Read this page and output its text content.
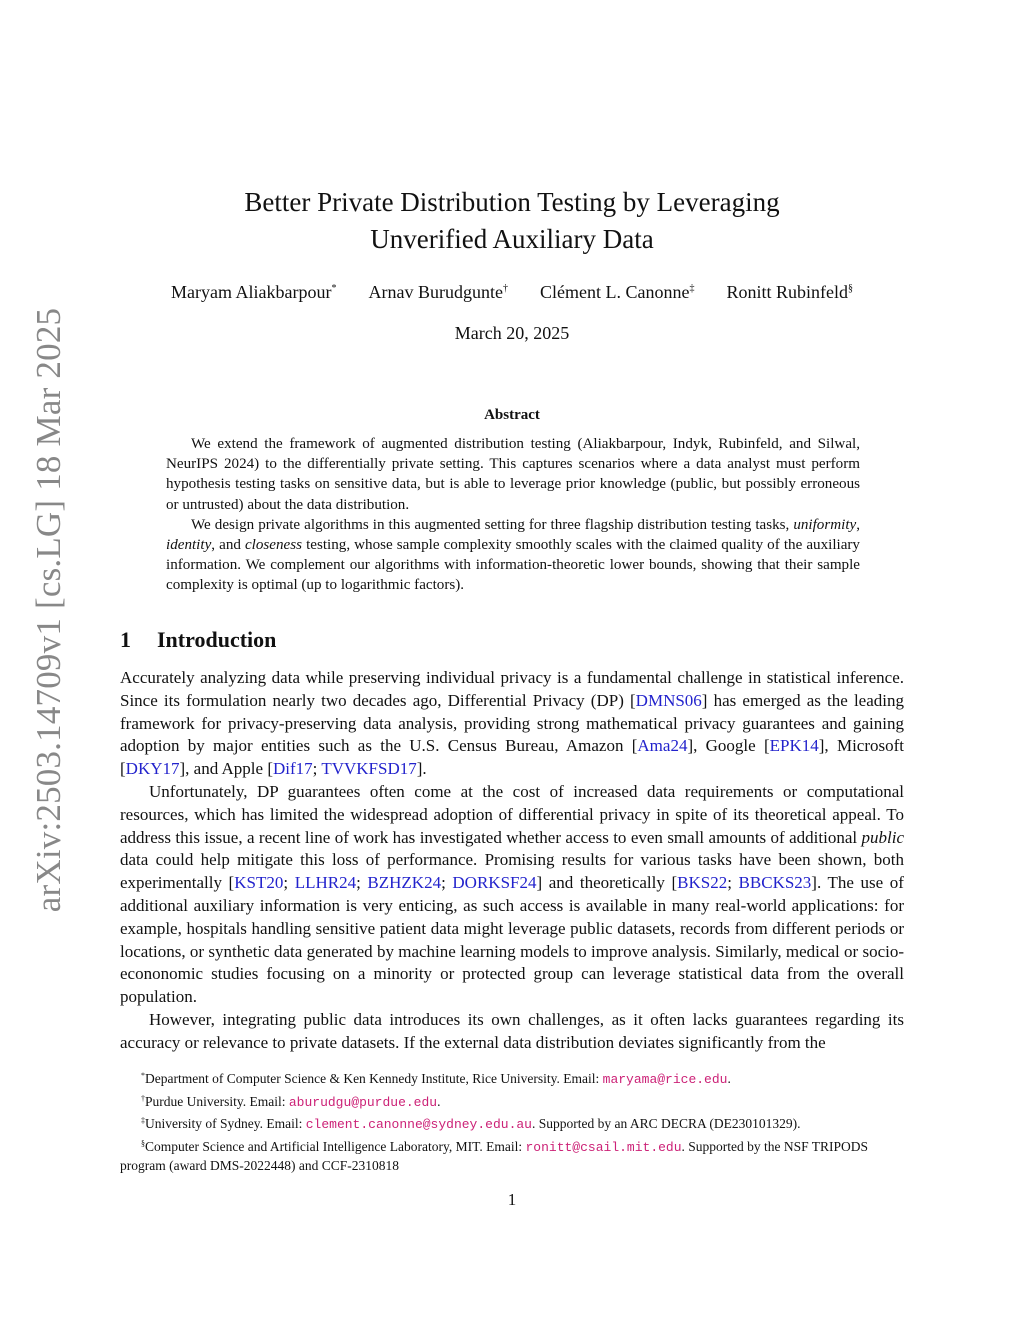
arXiv:2503.14709v1 [cs.LG] 18 Mar 2025
Better Private Distribution Testing by Leveraging
Unverified Auxiliary Data
Maryam Aliakbarpour*	Arnav Burudgunte†	Clément L. Canonne‡	Ronitt Rubinfeld§
March 20, 2025
Abstract

We extend the framework of augmented distribution testing (Aliakbarpour, Indyk, Rubinfeld, and Silwal, NeurIPS 2024) to the differentially private setting. This captures scenarios where a data analyst must perform hypothesis testing tasks on sensitive data, but is able to leverage prior knowledge (public, but possibly erroneous or untrusted) about the data distribution.

We design private algorithms in this augmented setting for three flagship distribution testing tasks, uniformity, identity, and closeness testing, whose sample complexity smoothly scales with the claimed quality of the auxiliary information. We complement our algorithms with information-theoretic lower bounds, showing that their sample complexity is optimal (up to logarithmic factors).

1 Introduction

Accurately analyzing data while preserving individual privacy is a fundamental challenge in statistical inference. Since its formulation nearly two decades ago, Differential Privacy (DP) [DMNS06] has emerged as the leading framework for privacy-preserving data analysis, providing strong mathematical privacy guarantees and gaining adoption by major entities such as the U.S. Census Bureau, Amazon [Ama24], Google [EPK14], Microsoft [DKY17], and Apple [Dif17; TVVKFSD17].

Unfortunately, DP guarantees often come at the cost of increased data requirements or computational resources, which has limited the widespread adoption of differential privacy in spite of its theoretical appeal. To address this issue, a recent line of work has investigated whether access to even small amounts of additional public data could help mitigate this loss of performance. Promising results for various tasks have been shown, both experimentally [KST20; LLHR24; BZHZK24; DORKSF24] and theoretically [BKS22; BBCKS23]. The use of additional auxiliary information is very enticing, as such access is available in many real-world applications: for example, hospitals handling sensitive patient data might leverage public datasets, records from different periods or locations, or synthetic data generated by machine learning models to improve analysis. Similarly, medical or socio-econonomic studies focusing on a minority or protected group can leverage statistical data from the overall population.

However, integrating public data introduces its own challenges, as it often lacks guarantees regarding its accuracy or relevance to private datasets. If the external data distribution deviates significantly from the

*Department of Computer Science & Ken Kennedy Institute, Rice University. Email: maryama@rice.edu.

†Purdue University. Email: aburudgu@purdue.edu.

‡University of Sydney. Email: clement.canonne@sydney.edu.au. Supported by an ARC DECRA (DE230101329).

§Computer Science and Artificial Intelligence Laboratory, MIT. Email: ronitt@csail.mit.edu. Supported by the NSF TRIPODS program (award DMS-2022448) and CCF-2310818

1
